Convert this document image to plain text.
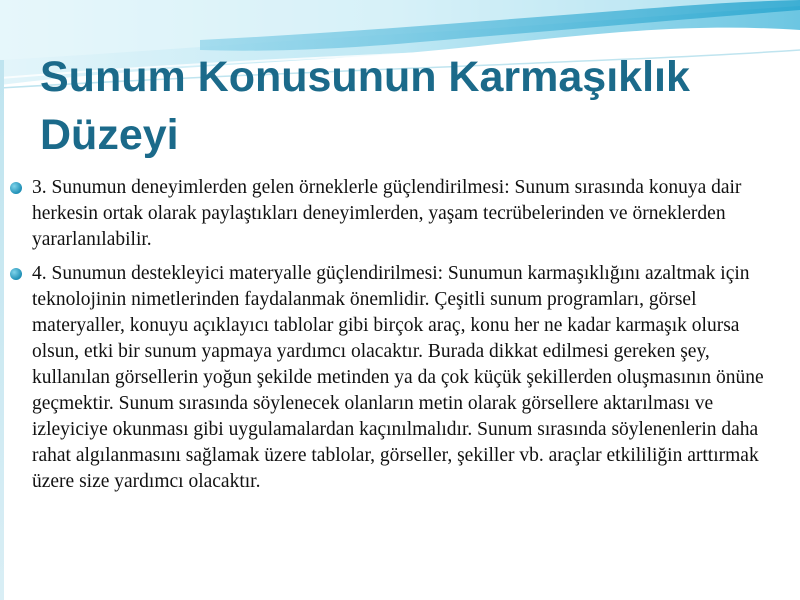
Sunum Konusunun Karmaşıklık Düzeyi
3. Sunumun deneyimlerden gelen örneklerle güçlendirilmesi: Sunum sırasında konuya dair herkesin ortak olarak paylaştıkları deneyimlerden, yaşam tecrübelerinden ve örneklerden yararlanılabilir.
4. Sunumun destekleyici materyalle güçlendirilmesi: Sunumun karmaşıklığını azaltmak için teknolojinin nimetlerinden faydalanmak önemlidir. Çeşitli sunum programları, görsel materyaller, konuyu açıklayıcı tablolar gibi birçok araç, konu her ne kadar karmaşık olursa olsun, etki bir sunum yapmaya yardımcı olacaktır. Burada dikkat edilmesi gereken şey, kullanılan görsellerin yoğun şekilde metinden ya da çok küçük şekillerden oluşmasının önüne geçmektir. Sunum sırasında söylenecek olanların metin olarak görsellere aktarılması ve izleyiciye okunması gibi uygulamalardan kaçınılmalıdır. Sunum sırasında söylenenlerin daha rahat algılanmasını sağlamak üzere tablolar, görseller, şekiller vb. araçlar etkililiğin arttırmak üzere size yardımcı olacaktır.
